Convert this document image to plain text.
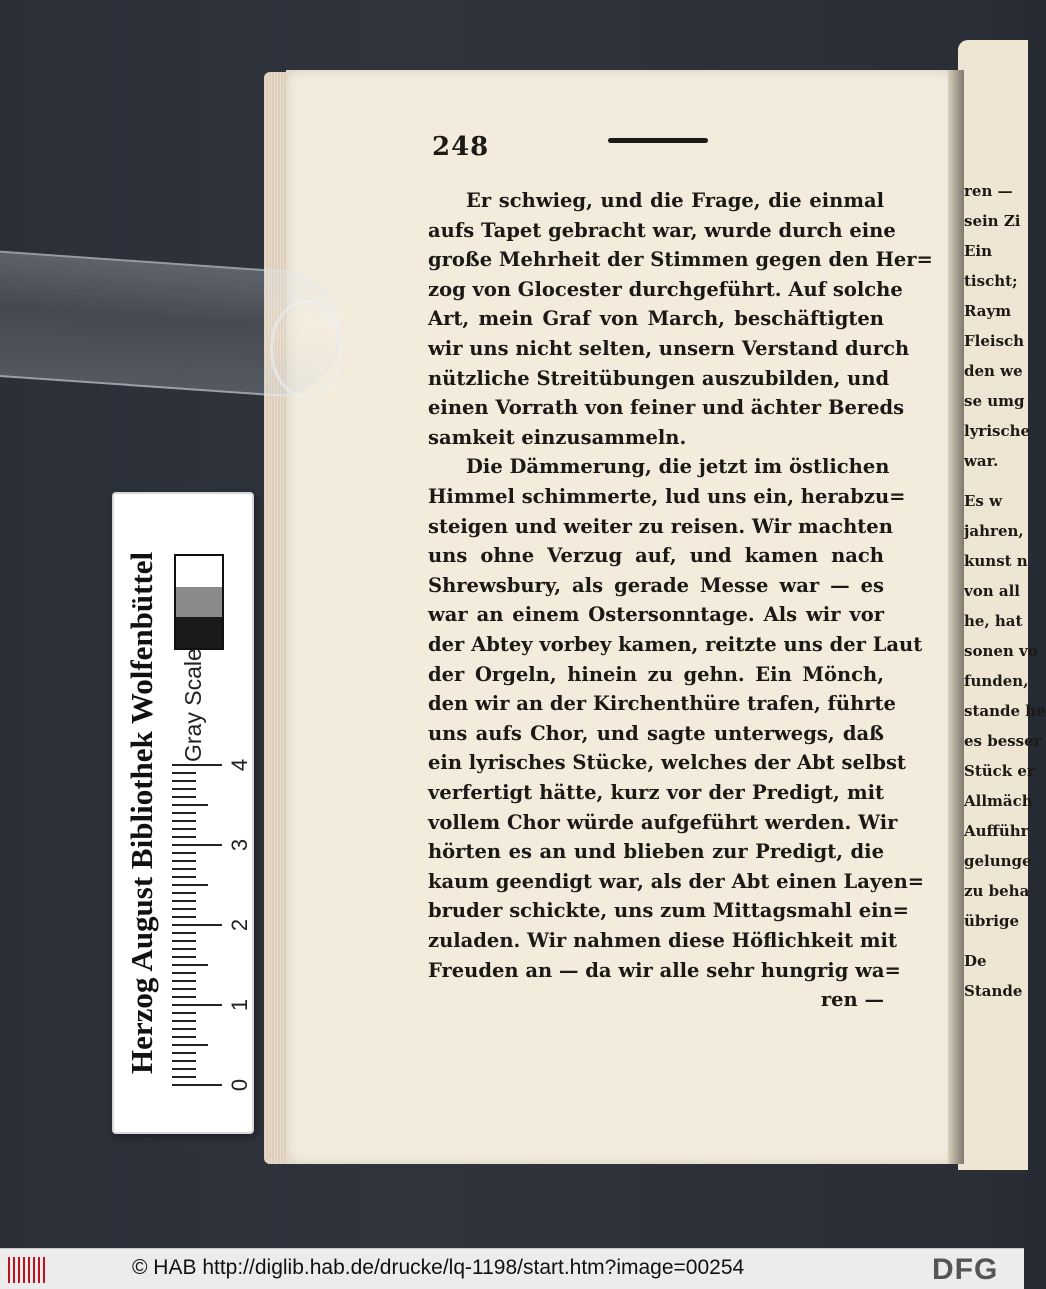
ren —
sein Zi
Ein
tischt;
Raym
Fleisch
den we
se umg
lyrische
war.
Es w
jahren,
kunst n
von all
he, hat
sonen vo
funden,
stande he
es besser
Stück er
Allmäch
Aufführ
gelunge
zu beha
übrige
De
Stande
248
Er schwieg, und die Frage, die einmal
aufs Tapet gebracht war, wurde durch eine
große Mehrheit der Stimmen gegen den Her=
zog von Glocester durchgeführt. Auf solche
Art, mein Graf von March, beschäftigten
wir uns nicht selten, unsern Verstand durch
nützliche Streitübungen auszubilden, und
einen Vorrath von feiner und ächter Bereds
samkeit einzusammeln.
Die Dämmerung, die jetzt im östlichen
Himmel schimmerte, lud uns ein, herabzu=
steigen und weiter zu reisen. Wir machten
uns ohne Verzug auf, und kamen nach
Shrewsbury, als gerade Messe war — es
war an einem Ostersonntage. Als wir vor
der Abtey vorbey kamen, reitzte uns der Laut
der Orgeln, hinein zu gehn. Ein Mönch,
den wir an der Kirchenthüre trafen, führte
uns aufs Chor, und sagte unterwegs, daß
ein lyrisches Stücke, welches der Abt selbst
verfertigt hätte, kurz vor der Predigt, mit
vollem Chor würde aufgeführt werden. Wir
hörten es an und blieben zur Predigt, die
kaum geendigt war, als der Abt einen Layen=
bruder schickte, uns zum Mittagsmahl ein=
zuladen. Wir nahmen diese Höflichkeit mit
Freuden an — da wir alle sehr hungrig wa=
ren —
Herzog August Bibliothek Wolfenbüttel Gray Scale
0
1
2
3
4
© HAB http://diglib.hab.de/drucke/lq-1198/start.htm?image=00254	DFG
